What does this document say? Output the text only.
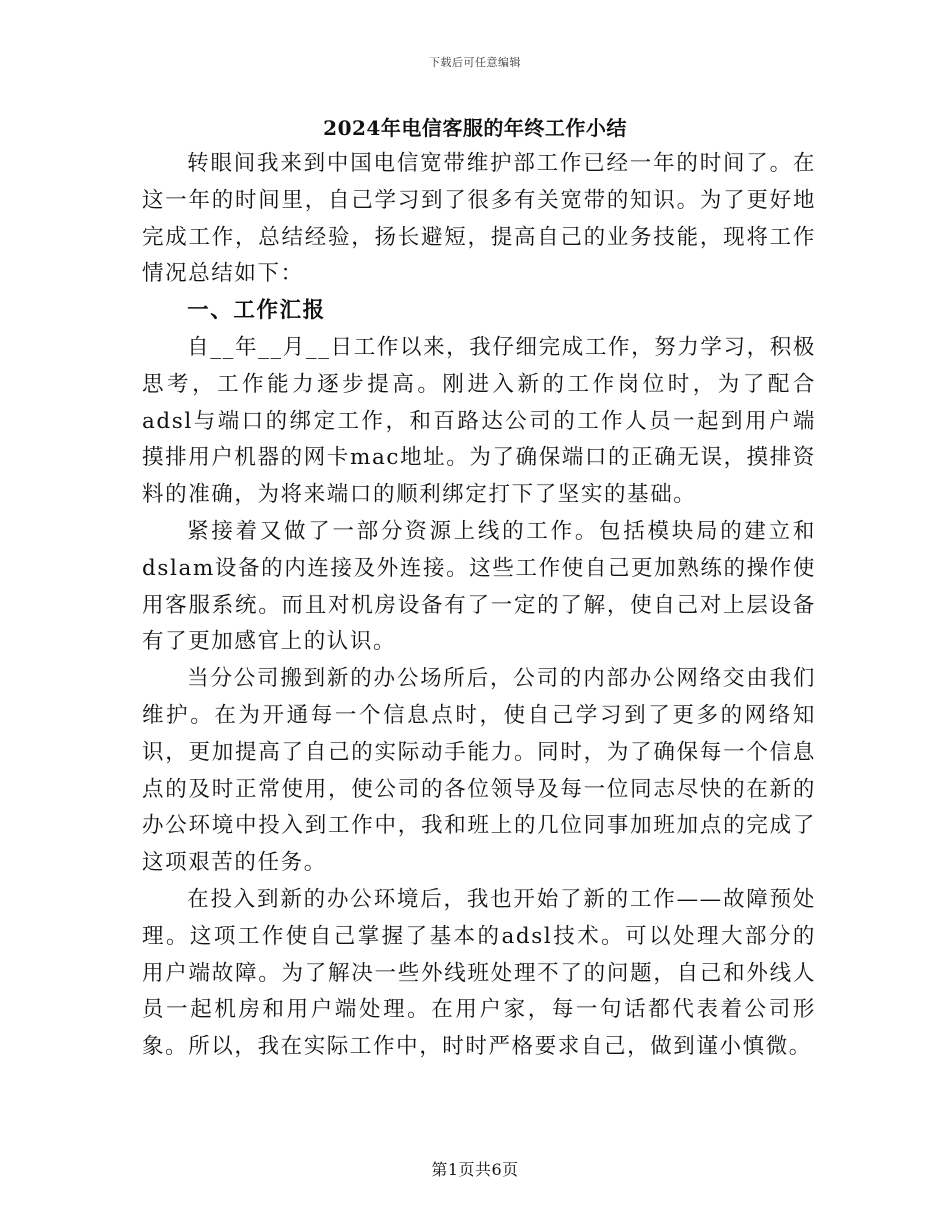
下载后可任意编辑
2024年电信客服的年终工作小结

转眼间我来到中国电信宽带维护部工作已经一年的时间了。在这一年的时间里，自己学习到了很多有关宽带的知识。为了更好地完成工作，总结经验，扬长避短，提高自己的业务技能，现将工作情况总结如下：

一、工作汇报

自__年__月__日工作以来，我仔细完成工作，努力学习，积极思考，工作能力逐步提高。刚进入新的工作岗位时，为了配合adsl与端口的绑定工作，和百路达公司的工作人员一起到用户端摸排用户机器的网卡mac地址。为了确保端口的正确无误，摸排资料的准确，为将来端口的顺利绑定打下了坚实的基础。

紧接着又做了一部分资源上线的工作。包括模块局的建立和dslam设备的内连接及外连接。这些工作使自己更加熟练的操作使用客服系统。而且对机房设备有了一定的了解，使自己对上层设备有了更加感官上的认识。

当分公司搬到新的办公场所后，公司的内部办公网络交由我们维护。在为开通每一个信息点时，使自己学习到了更多的网络知识，更加提高了自己的实际动手能力。同时，为了确保每一个信息点的及时正常使用，使公司的各位领导及每一位同志尽快的在新的办公环境中投入到工作中，我和班上的几位同事加班加点的完成了这项艰苦的任务。

在投入到新的办公环境后，我也开始了新的工作——故障预处理。这项工作使自己掌握了基本的adsl技术。可以处理大部分的用户端故障。为了解决一些外线班处理不了的问题，自己和外线人员一起机房和用户端处理。在用户家，每一句话都代表着公司形象。所以，我在实际工作中，时时严格要求自己，做到谨小慎微。

第1页共6页
